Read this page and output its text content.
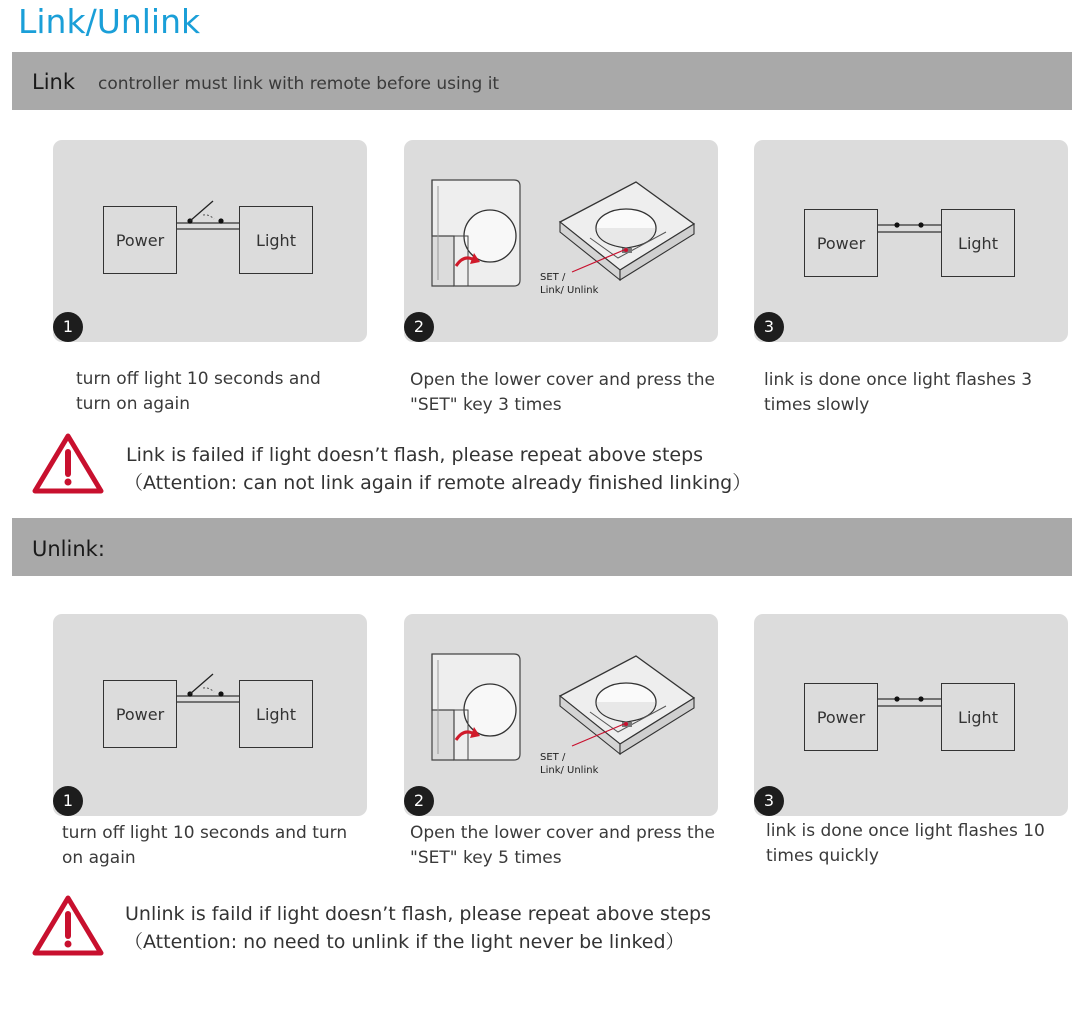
Link/Unlink
Link controller must link with remote before using it
Power	Light
1
turn off light 10 seconds and turn on again
SET /
Link/ Unlink
2
Open the lower cover and press the "SET" key 3 times
Power	Light
3
link is done once light flashes 3 times slowly
Link is failed if light doesn’t flash, please repeat above steps
（Attention: can not link again if remote already finished linking）
Unlink:
Power	Light
1
turn off light 10 seconds and turn on again
SET /
Link/ Unlink
2
Open the lower cover and press the "SET" key 5 times
Power	Light
3
link is done once light flashes 10 times quickly
Unlink is faild if light doesn’t flash, please repeat above steps
（Attention: no need to unlink if the light never be linked）
